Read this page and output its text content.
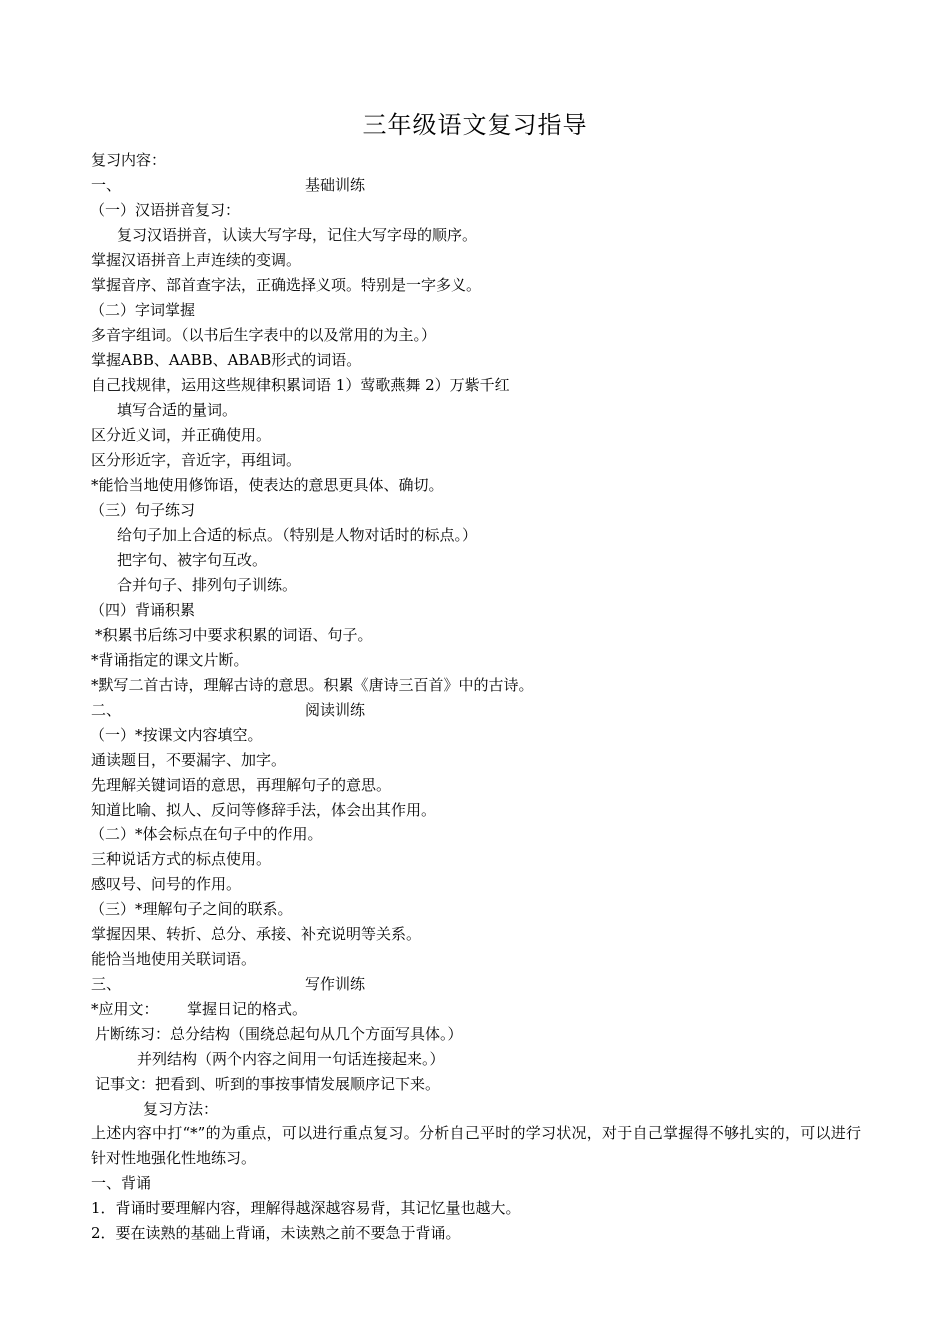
三年级语文复习指导
复习内容：
一、	基础训练
（一）汉语拼音复习：
复习汉语拼音，认读大写字母，记住大写字母的顺序。
掌握汉语拼音上声连续的变调。
掌握音序、部首查字法，正确选择义项。特别是一字多义。
（二）字词掌握
多音字组词。（以书后生字表中的以及常用的为主。）
掌握ABB、AABB、ABAB形式的词语。
自己找规律，运用这些规律积累词语 1）莺歌燕舞 2）万紫千红
填写合适的量词。
区分近义词，并正确使用。
区分形近字，音近字，再组词。
*能恰当地使用修饰语，使表达的意思更具体、确切。
（三）句子练习
给句子加上合适的标点。（特别是人物对话时的标点。）
把字句、被字句互改。
合并句子、排列句子训练。
（四）背诵积累
*积累书后练习中要求积累的词语、句子。
*背诵指定的课文片断。
*默写二首古诗，理解古诗的意思。积累《唐诗三百首》中的古诗。
二、	阅读训练
（一）*按课文内容填空。
通读题目，不要漏字、加字。
先理解关键词语的意思，再理解句子的意思。
知道比喻、拟人、反问等修辞手法，体会出其作用。
（二）*体会标点在句子中的作用。
三种说话方式的标点使用。
感叹号、问号的作用。
（三）*理解句子之间的联系。
掌握因果、转折、总分、承接、补充说明等关系。
能恰当地使用关联词语。
三、	写作训练
*应用文： 掌握日记的格式。
片断练习：总分结构（围绕总起句从几个方面写具体。）
并列结构（两个内容之间用一句话连接起来。）
记事文：把看到、听到的事按事情发展顺序记下来。
复习方法：
上述内容中打“*”的为重点，可以进行重点复习。分析自己平时的学习状况，对于自己掌握得不够扎实的，可以进行针对性地强化性地练习。
一、背诵
1．背诵时要理解内容，理解得越深越容易背，其记忆量也越大。
2．要在读熟的基础上背诵，未读熟之前不要急于背诵。
